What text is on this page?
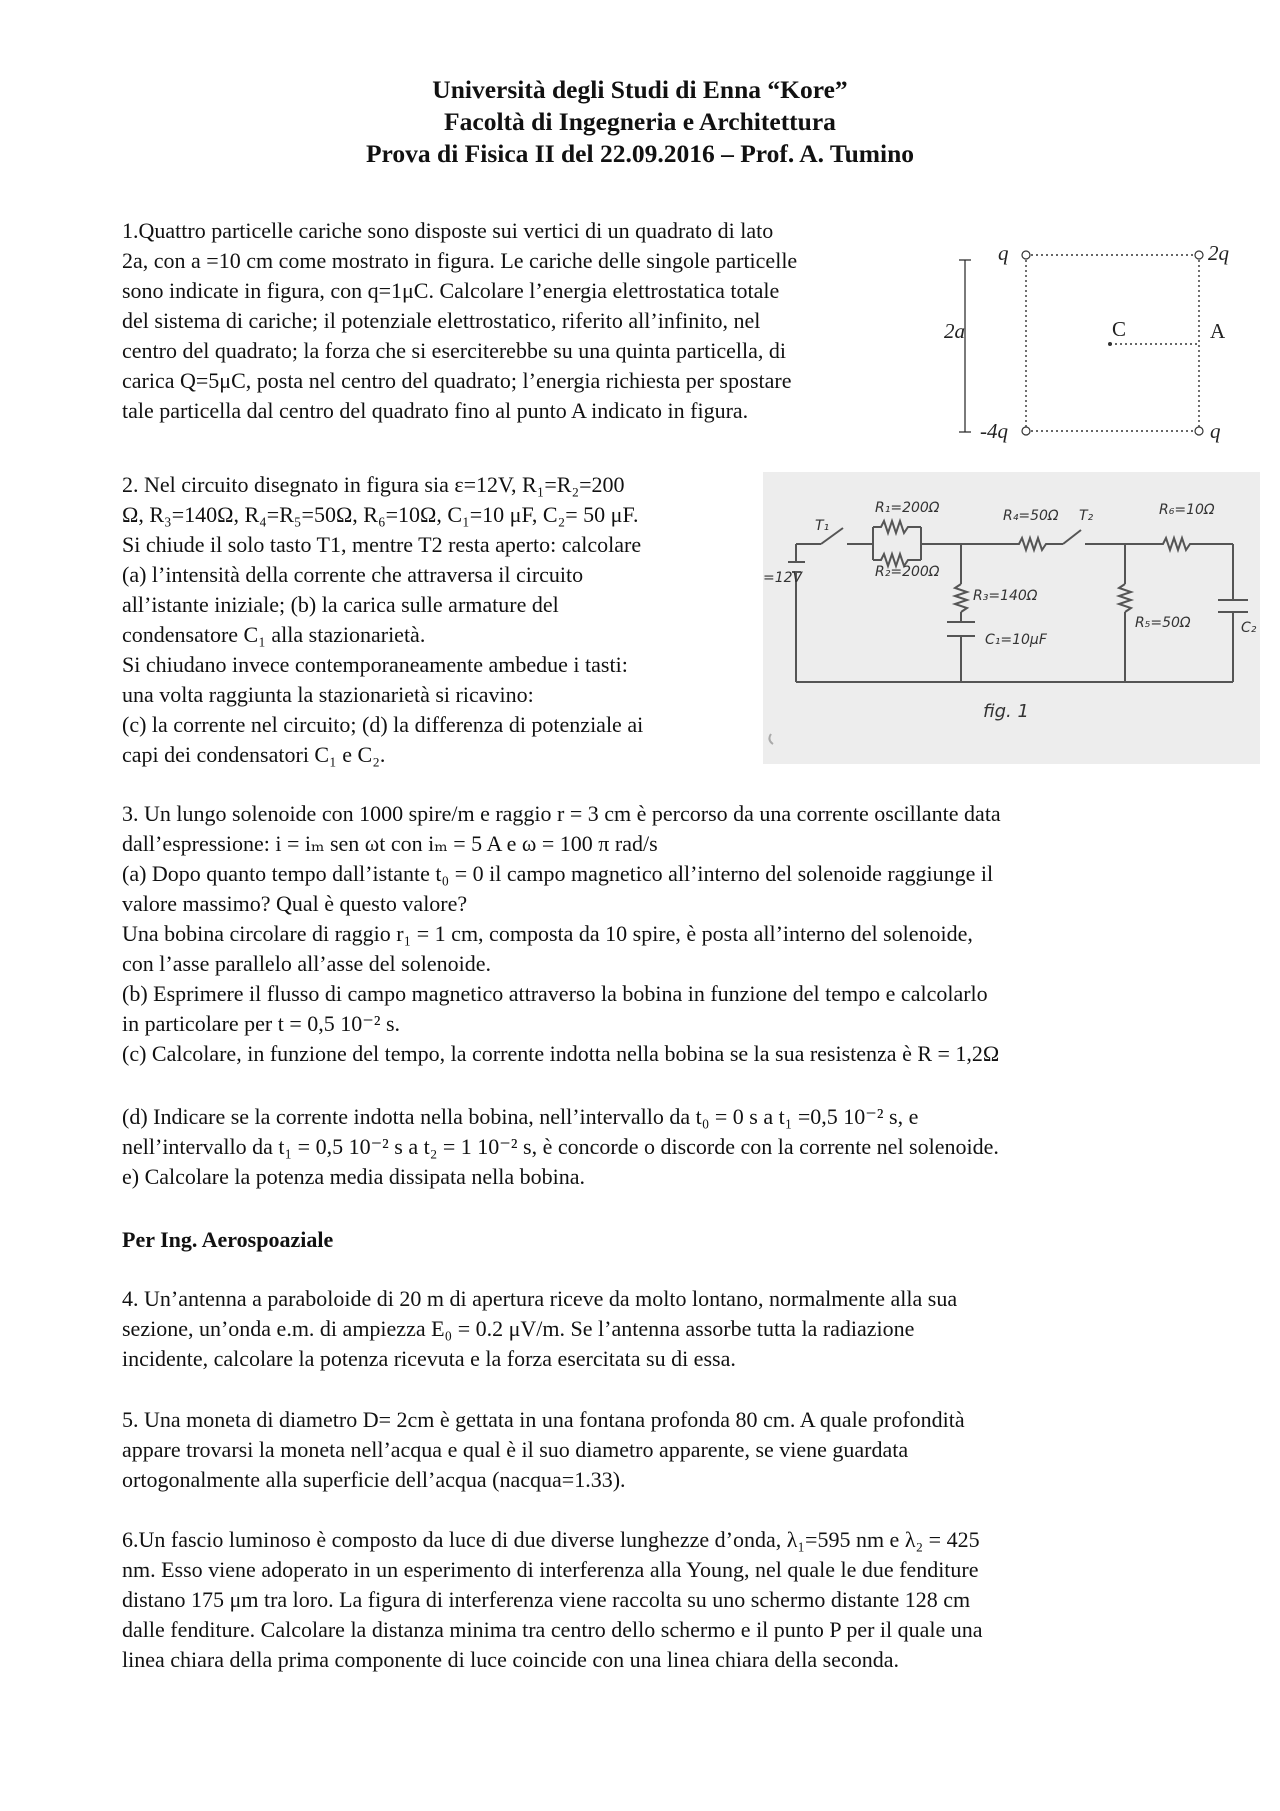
Università degli Studi di Enna “Kore”
Facoltà di Ingegneria e Architettura
Prova di Fisica II del 22.09.2016 – Prof. A. Tumino

1.Quattro particelle cariche sono disposte sui vertici di un quadrato di lato

2a, con a =10 cm come mostrato in figura. Le cariche delle singole particelle

sono indicate in figura, con q=1μC. Calcolare l’energia elettrostatica totale

del sistema di cariche; il potenziale elettrostatico, riferito all’infinito, nel

centro del quadrato; la forza che si eserciterebbe su una quinta particella, di

carica Q=5μC, posta nel centro del quadrato; l’energia richiesta per spostare

tale particella dal centro del quadrato fino al punto A indicato in figura.

q	2q
-4q	q
2a	C	A

2. Nel circuito disegnato in figura sia ε=12V, R₁=R₂=200

Ω, R₃=140Ω, R₄=R₅=50Ω, R₆=10Ω, C₁=10 μF, C₂= 50 μF.

Si chiude il solo tasto T1, mentre T2 resta aperto: calcolare

(a) l’intensità della corrente che attraversa il circuito

all’istante iniziale; (b) la carica sulle armature del

condensatore C₁ alla stazionarietà.

Si chiudano invece contemporaneamente ambedue i tasti:

una volta raggiunta la stazionarietà si ricavino:

(c) la corrente nel circuito; (d) la differenza di potenziale ai

capi dei condensatori C₁ e C₂.

T₁
=12V
R₁=200Ω
R₂=200Ω
R₃=140Ω
R₄=50Ω T₂	R₆=10Ω
R₅=50Ω
C₁=10μF
C₂
fig. 1

3. Un lungo solenoide con 1000 spire/m e raggio r = 3 cm è percorso da una corrente oscillante data

dall’espressione: i = iₘ sen ωt con iₘ = 5 A e ω = 100 π rad/s

(a) Dopo quanto tempo dall’istante t₀ = 0 il campo magnetico all’interno del solenoide raggiunge il

valore massimo? Qual è questo valore?

Una bobina circolare di raggio r₁ = 1 cm, composta da 10 spire, è posta all’interno del solenoide,

con l’asse parallelo all’asse del solenoide.

(b) Esprimere il flusso di campo magnetico attraverso la bobina in funzione del tempo e calcolarlo

in particolare per t = 0,5 10⁻² s.

(c) Calcolare, in funzione del tempo, la corrente indotta nella bobina se la sua resistenza è R = 1,2Ω

(d) Indicare se la corrente indotta nella bobina, nell’intervallo da t₀ = 0 s a t₁ =0,5 10⁻² s, e

nell’intervallo da t₁ = 0,5 10⁻² s a t₂ = 1 10⁻² s, è concorde o discorde con la corrente nel solenoide.

e) Calcolare la potenza media dissipata nella bobina.

Per Ing. Aerospoaziale

4. Un’antenna a paraboloide di 20 m di apertura riceve da molto lontano, normalmente alla sua

sezione, un’onda e.m. di ampiezza E₀ = 0.2 μV/m. Se l’antenna assorbe tutta la radiazione

incidente, calcolare la potenza ricevuta e la forza esercitata su di essa.

5. Una moneta di diametro D= 2cm è gettata in una fontana profonda 80 cm. A quale profondità

appare trovarsi la moneta nell’acqua e qual è il suo diametro apparente, se viene guardata

ortogonalmente alla superficie dell’acqua (nacqua=1.33).

6.Un fascio luminoso è composto da luce di due diverse lunghezze d’onda, λ₁=595 nm e λ₂ = 425

nm. Esso viene adoperato in un esperimento di interferenza alla Young, nel quale le due fenditure

distano 175 μm tra loro. La figura di interferenza viene raccolta su uno schermo distante 128 cm

dalle fenditure. Calcolare la distanza minima tra centro dello schermo e il punto P per il quale una

linea chiara della prima componente di luce coincide con una linea chiara della seconda.
